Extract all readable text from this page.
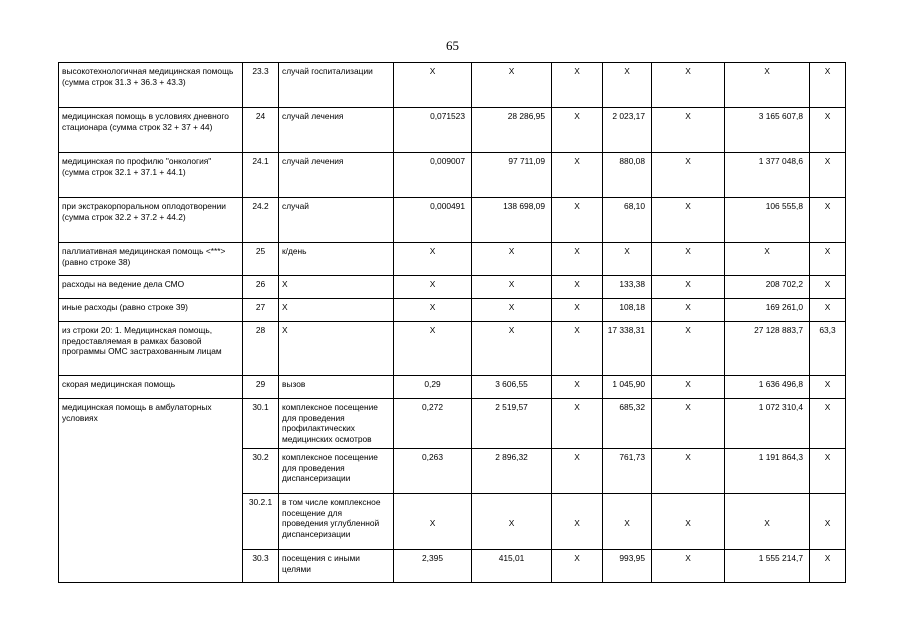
65
высокотехнологичная медицинская помощь (сумма строк 31.3 + 36.3 + 43.3)	23.3	случай госпитализации	X	X	X	X	X	X	X
медицинская помощь в условиях дневного стационара (сумма строк 32 + 37 + 44)	24	случай лечения	0,071523	28 286,95	X	2 023,17	X	3 165 607,8	X
медицинская по профилю "онкология" (сумма строк 32.1 + 37.1 + 44.1)	24.1	случай лечения	0,009007	97 711,09	X	880,08	X	1 377 048,6	X
при экстракорпоральном оплодотворении (сумма строк 32.2 + 37.2 + 44.2)	24.2	случай	0,000491	138 698,09	X	68,10	X	106 555,8	X
паллиативная медицинская помощь <***> (равно строке 38)	25	к/день	X	X	X	X	X	X	X
расходы на ведение дела СМО	26	X	X	X	X	133,38	X	208 702,2	X
иные расходы (равно строке 39)	27	X	X	X	X	108,18	X	169 261,0	X
из строки 20: 1. Медицинская помощь, предоставляемая в рамках базовой программы ОМС застрахованным лицам	28	X	X	X	X	17 338,31	X	27 128 883,7	63,3
скорая медицинская помощь	29	вызов	0,29	3 606,55	X	1 045,90	X	1 636 496,8	X
медицинская помощь в амбулаторных условиях	30.1	комплексное посещение для проведения профилактических медицинских осмотров	0,272	2 519,57	X	685,32	X	1 072 310,4	X
	30.2	комплексное посещение для проведения диспансеризации	0,263	2 896,32	X	761,73	X	1 191 864,3	X
	30.2.1	в том числе комплексное посещение для проведения углубленной диспансеризации	X	X	X	X	X	X	X
	30.3	посещения с иными целями	2,395	415,01	X	993,95	X	1 555 214,7	X
